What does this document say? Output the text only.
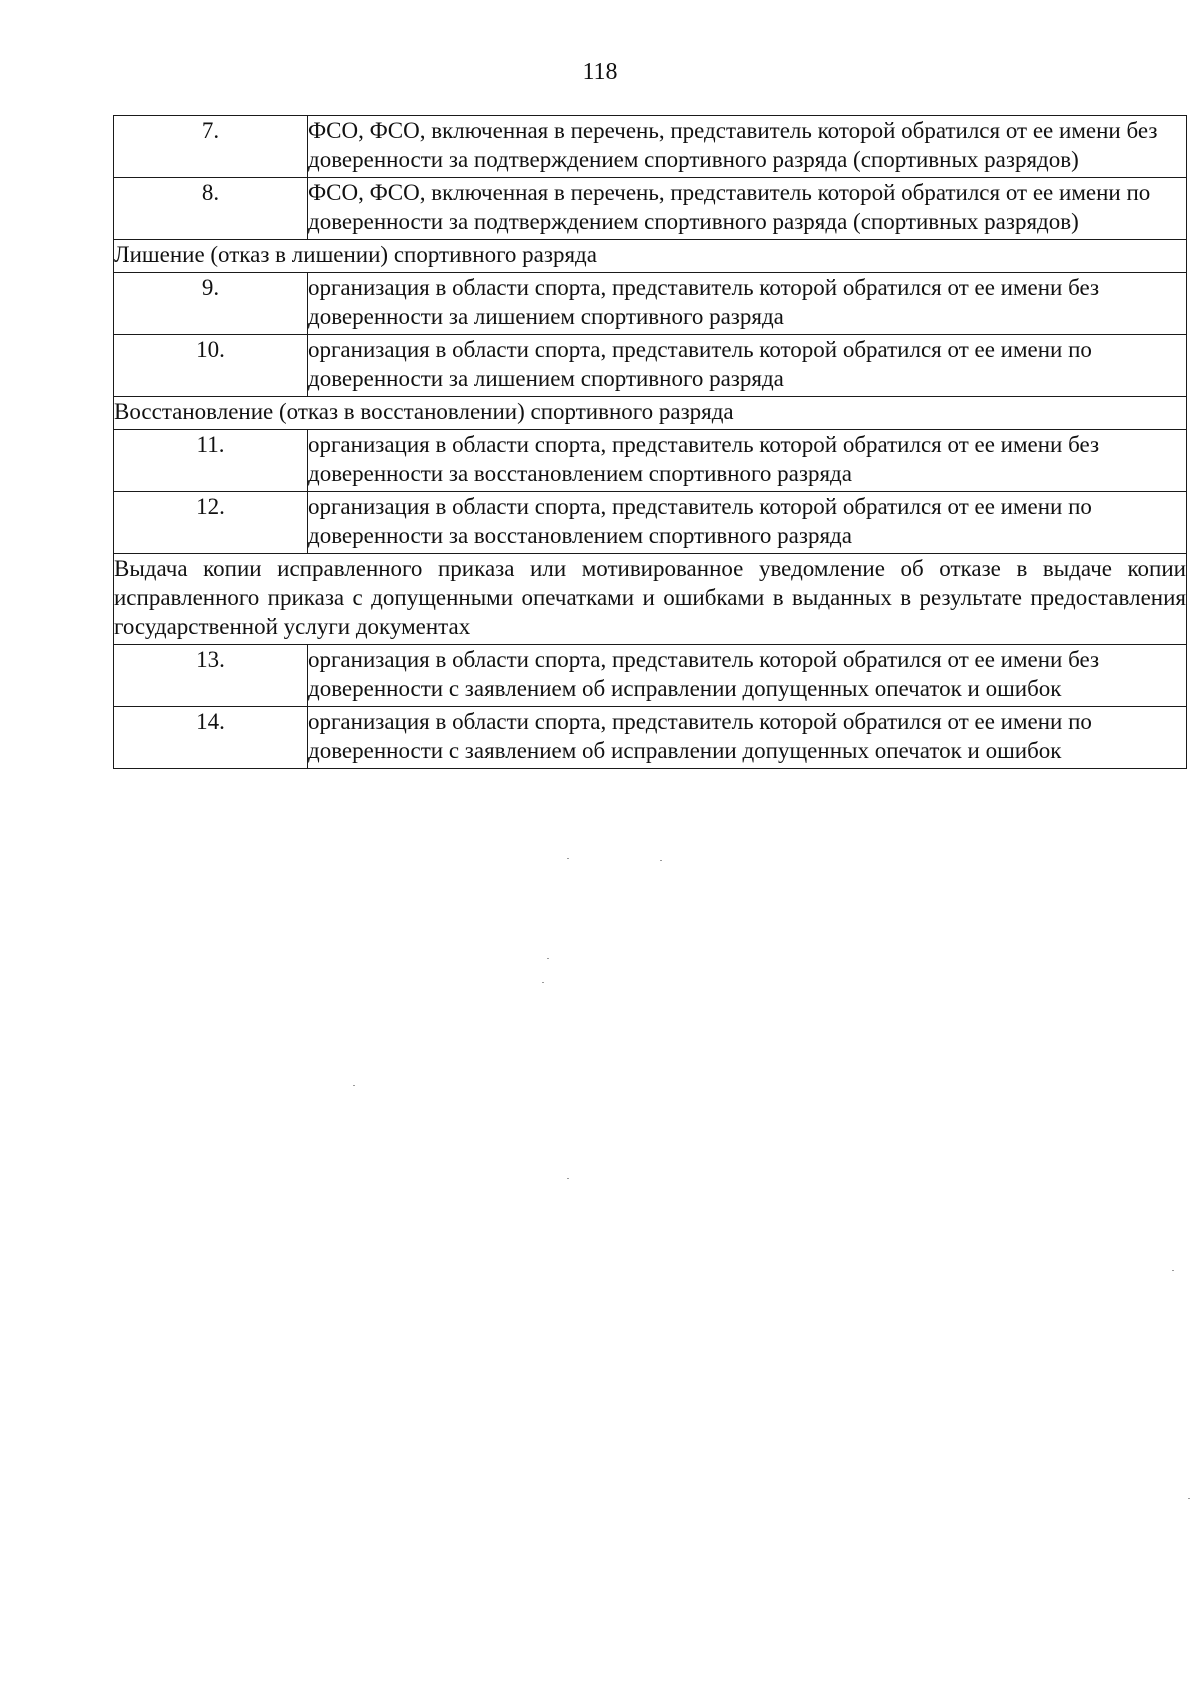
118
7.	ФСО, ФСО, включенная в перечень, представитель которой обратился от ее имени без доверенности за подтверждением спортивного разряда (спортивных разрядов)
8.	ФСО, ФСО, включенная в перечень, представитель которой обратился от ее имени по доверенности за подтверждением спортивного разряда (спортивных разрядов)
Лишение (отказ в лишении) спортивного разряда	
9.	организация в области спорта, представитель которой обратился от ее имени без доверенности за лишением спортивного разряда
10.	организация в области спорта, представитель которой обратился от ее имени по доверенности за лишением спортивного разряда
Восстановление (отказ в восстановлении) спортивного разряда	
11.	организация в области спорта, представитель которой обратился от ее имени без доверенности за восстановлением спортивного разряда
12.	организация в области спорта, представитель которой обратился от ее имени по доверенности за восстановлением спортивного разряда
Выдача копии исправленного приказа или мотивированное уведомление об отказе в выдаче копии исправленного приказа с допущенными опечатками и ошибками в выданных в результате предоставления государственной услуги документах	
13.	организация в области спорта, представитель которой обратился от ее имени без доверенности с заявлением об исправлении допущенных опечаток и ошибок
14.	организация в области спорта, представитель которой обратился от ее имени по доверенности с заявлением об исправлении допущенных опечаток и ошибок
